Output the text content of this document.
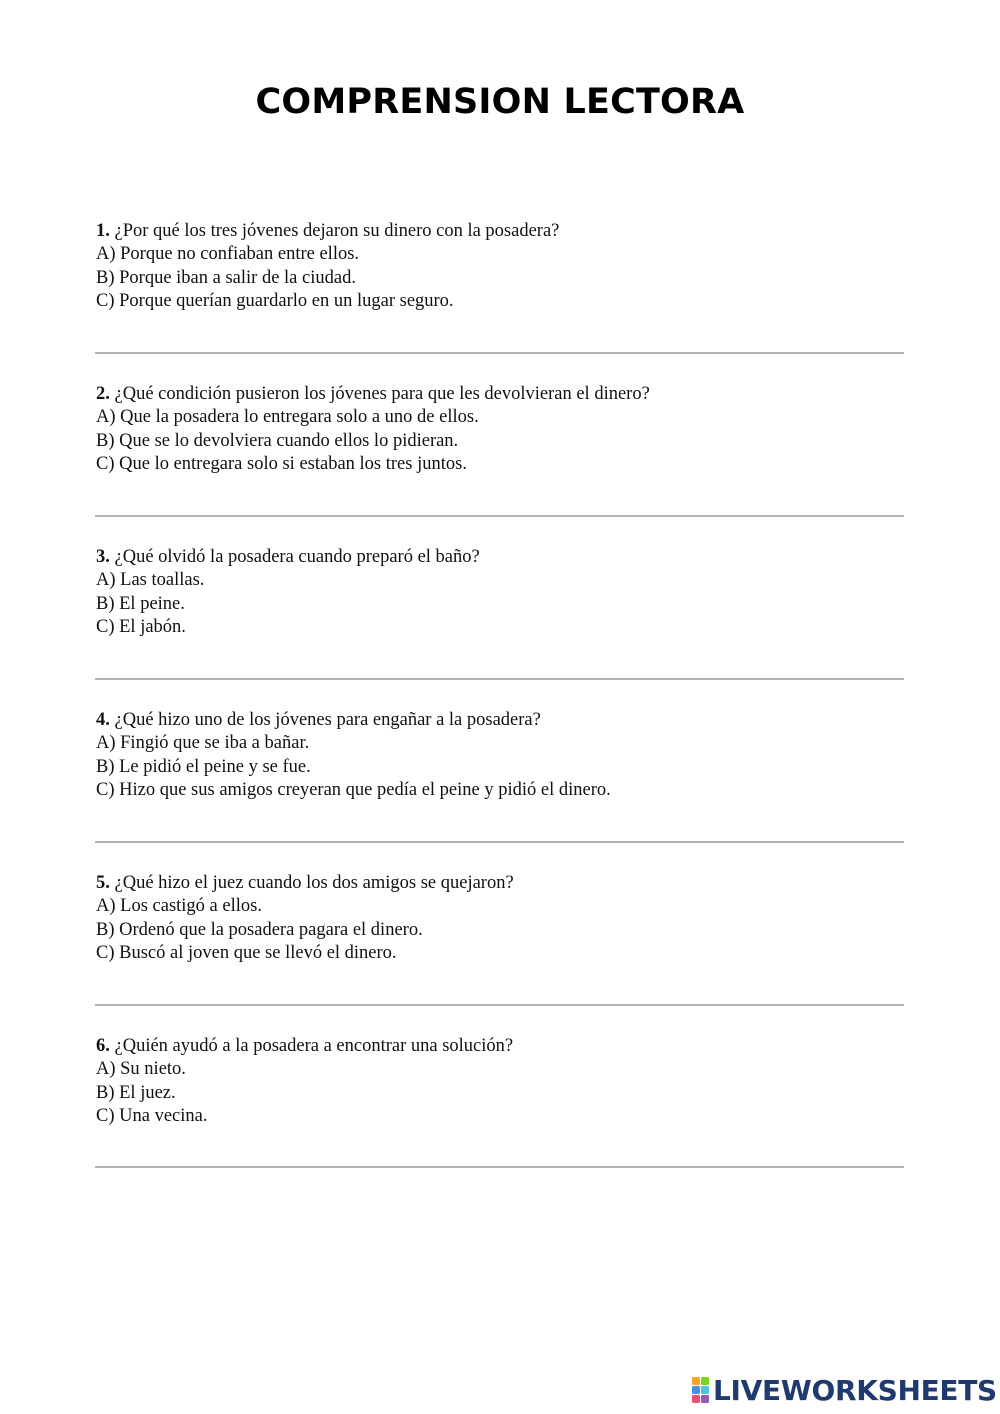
COMPRENSION LECTORA

1. ¿Por qué los tres jóvenes dejaron su dinero con la posadera?

A) Porque no confiaban entre ellos.

B) Porque iban a salir de la ciudad.

C) Porque querían guardarlo en un lugar seguro.

2. ¿Qué condición pusieron los jóvenes para que les devolvieran el dinero?

A) Que la posadera lo entregara solo a uno de ellos.

B) Que se lo devolviera cuando ellos lo pidieran.

C) Que lo entregara solo si estaban los tres juntos.

3. ¿Qué olvidó la posadera cuando preparó el baño?

A) Las toallas.

B) El peine.

C) El jabón.

4. ¿Qué hizo uno de los jóvenes para engañar a la posadera?

A) Fingió que se iba a bañar.

B) Le pidió el peine y se fue.

C) Hizo que sus amigos creyeran que pedía el peine y pidió el dinero.

5. ¿Qué hizo el juez cuando los dos amigos se quejaron?

A) Los castigó a ellos.

B) Ordenó que la posadera pagara el dinero.

C) Buscó al joven que se llevó el dinero.

6. ¿Quién ayudó a la posadera a encontrar una solución?

A) Su nieto.

B) El juez.

C) Una vecina.

LIVEWORKSHEETS
